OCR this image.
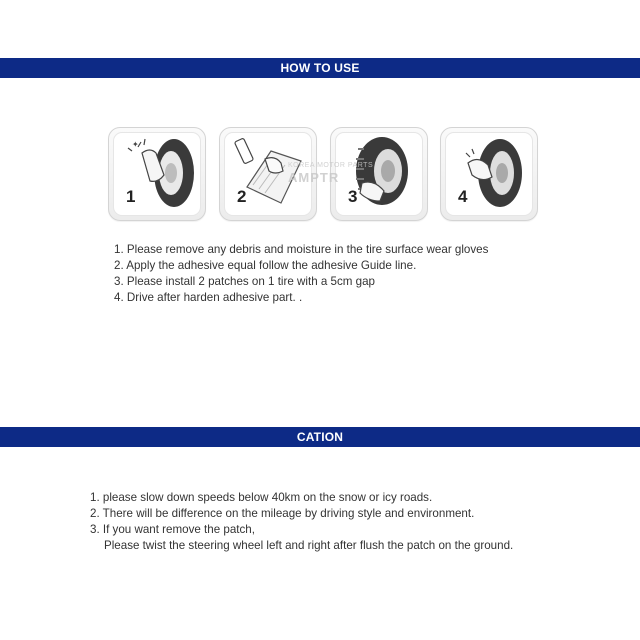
HOW TO USE
✦
1	2	3	4
KOREA MOTOR PARTS
AMPTR
1. Please remove any debris and moisture in the tire surface wear gloves
2. Apply the adhesive equal follow the adhesive Guide line.
3. Please install 2 patches on 1 tire with a 5cm gap
4. Drive after harden adhesive part. .
CATION
1. please slow down speeds below 40km on the snow or icy roads.
2. There will be difference on the mileage by driving style and environment.
3. If you want remove the patch,
Please twist the steering wheel left and right after flush the patch on the ground.
